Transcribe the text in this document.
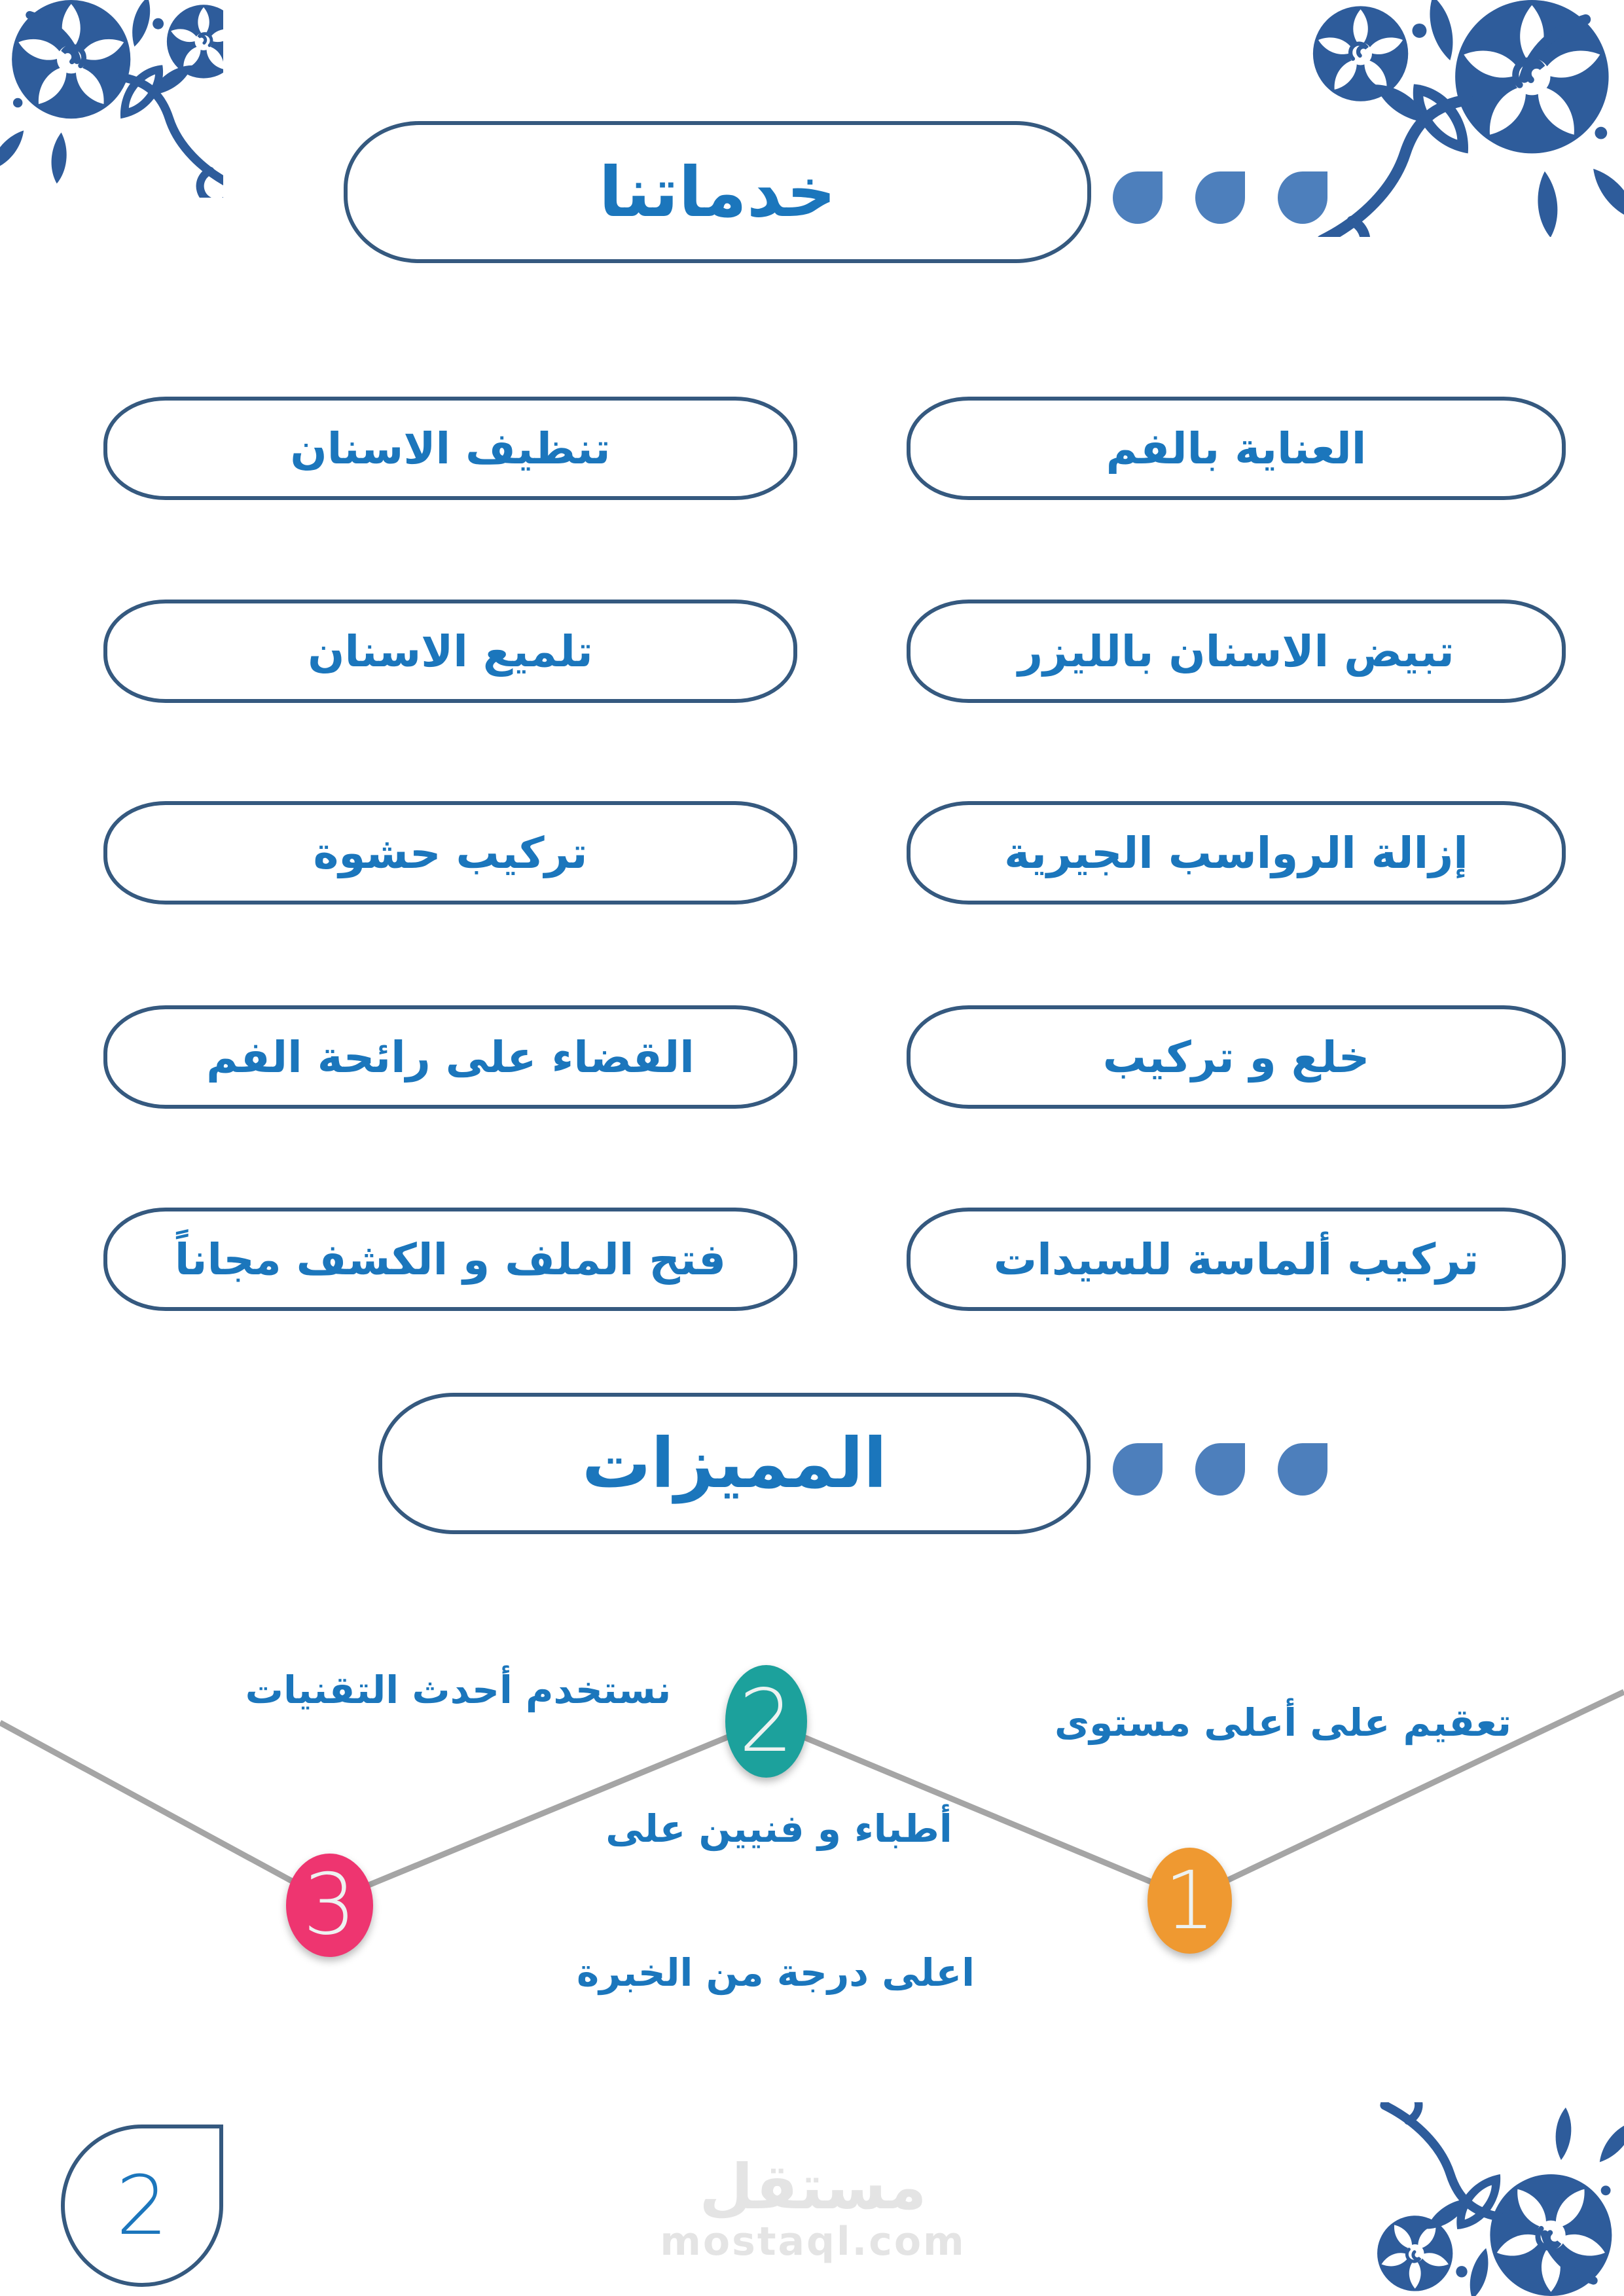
خدماتنا
العناية بالفم
تنظيف الاسنان
تبيض الاسنان بالليزر
تلميع الاسنان
إزالة الرواسب الجيرية
تركيب حشوة
خلع و تركيب
القضاء على رائحة الفم
تركيب ألماسة للسيدات
فتح الملف و الكشف مجاناً
المميزات
2
3	1
نستخدم أحدث التقنيات
تعقيم على أعلى مستوى
أطباء و فنيين على
اعلى درجة من الخبرة
2	مستقل
mostaql.com
